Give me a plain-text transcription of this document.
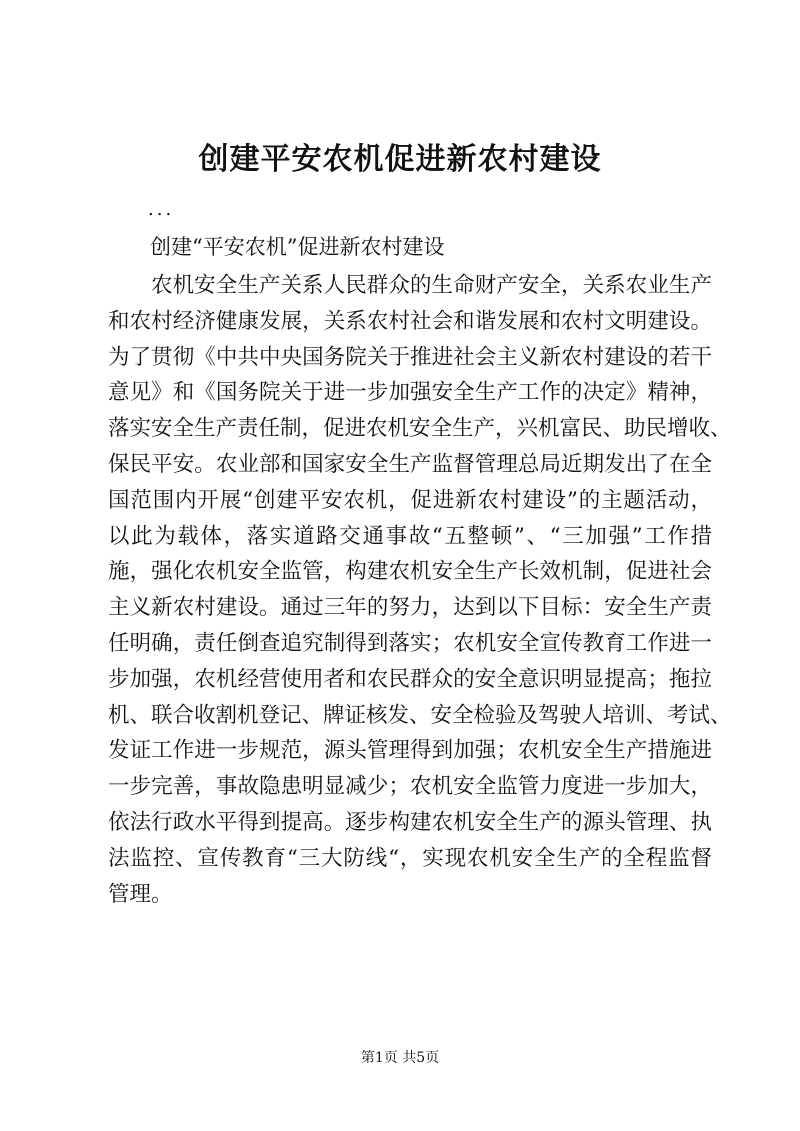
创建平安农机促进新农村建设

...

创建“平安农机”促进新农村建设

农机安全生产关系人民群众的生命财产安全，关系农业生产
和农村经济健康发展，关系农村社会和谐发展和农村文明建设。
为了贯彻《中共中央国务院关于推进社会主义新农村建设的若干
意见》和《国务院关于进一步加强安全生产工作的决定》精神，
落实安全生产责任制，促进农机安全生产，兴机富民、助民增收、
保民平安。农业部和国家安全生产监督管理总局近期发出了在全
国范围内开展“创建平安农机，促进新农村建设”的主题活动，
以此为载体，落实道路交通事故“五整顿”、“三加强”工作措
施，强化农机安全监管，构建农机安全生产长效机制，促进社会
主义新农村建设。通过三年的努力，达到以下目标：安全生产责
任明确，责任倒查追究制得到落实；农机安全宣传教育工作进一
步加强，农机经营使用者和农民群众的安全意识明显提高；拖拉
机、联合收割机登记、牌证核发、安全检验及驾驶人培训、考试、
发证工作进一步规范，源头管理得到加强；农机安全生产措施进
一步完善，事故隐患明显减少；农机安全监管力度进一步加大，
依法行政水平得到提高。逐步构建农机安全生产的源头管理、执
法监控、宣传教育“三大防线“，实现农机安全生产的全程监督
管理。

第1页 共5页
